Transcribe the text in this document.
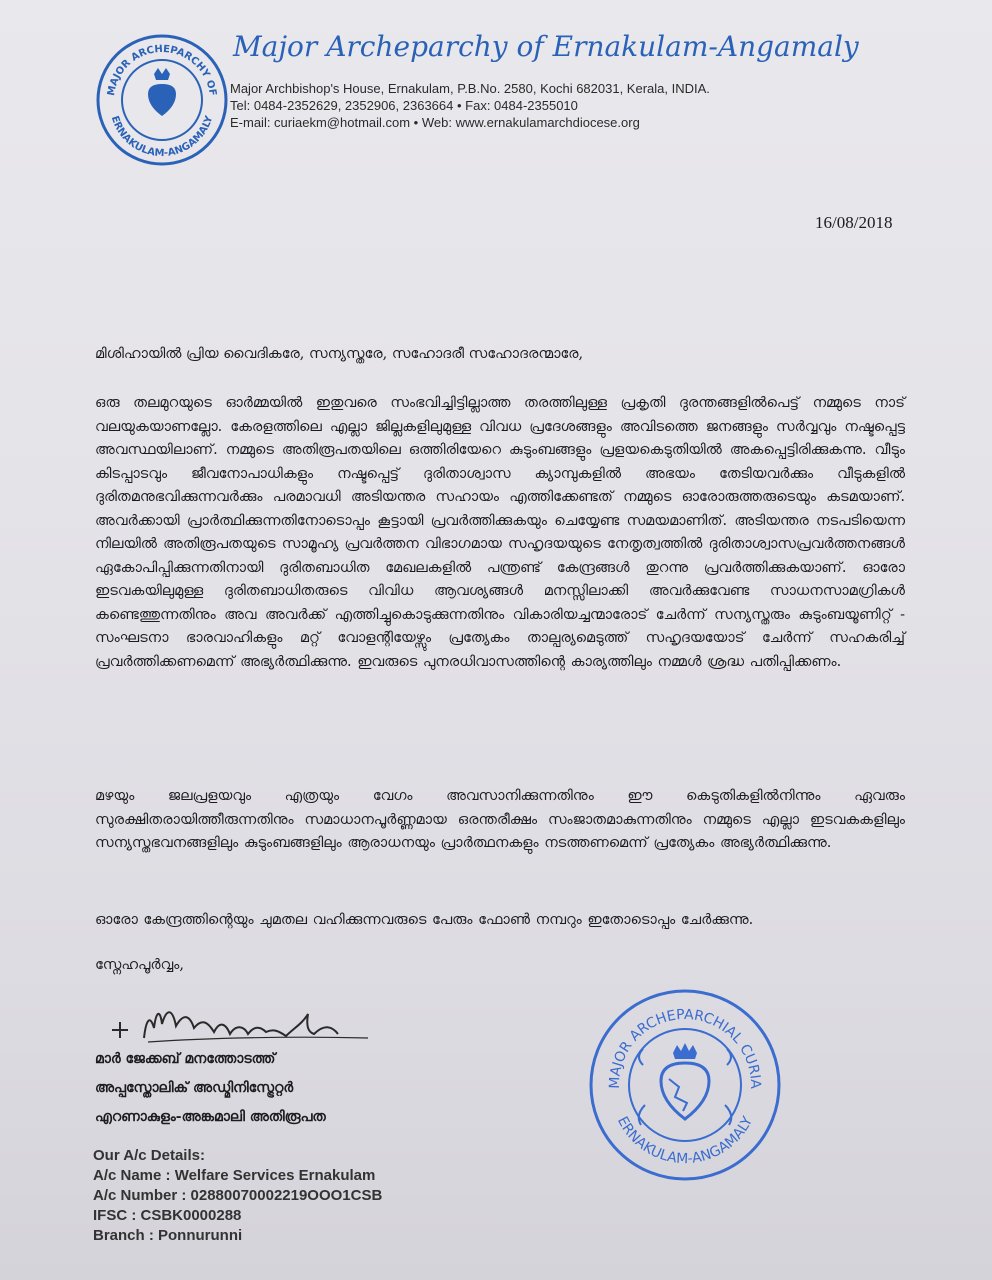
MAJOR ARCHEPARCHY OF
ERNAKULAM-ANGAMALY
Major Archeparchy of Ernakulam-Angamaly
Major Archbishop's House, Ernakulam, P.B.No. 2580, Kochi 682031, Kerala, INDIA.
Tel: 0484-2352629, 2352906, 2363664 • Fax: 0484-2355010
E-mail: curiaekm@hotmail.com • Web: www.ernakulamarchdiocese.org
16/08/2018
മിശിഹായിൽ പ്രിയ വൈദികരേ, സന്യസ്തരേ, സഹോദരീ സഹോദരന്മാരേ,
ഒരു തലമുറയുടെ ഓർമ്മയിൽ ഇതുവരെ സംഭവിച്ചിട്ടില്ലാത്ത തരത്തിലുള്ള പ്രകൃതി ദുരന്തങ്ങളിൽപെട്ട് നമ്മുടെ നാട് വലയുകയാണല്ലോ. കേരളത്തിലെ എല്ലാ ജില്ലകളിലുമുള്ള വിവധ പ്രദേശങ്ങളും അവിടത്തെ ജനങ്ങളും സർവ്വവും നഷ്ടപ്പെട്ട അവസ്ഥയിലാണ്. നമ്മുടെ അതിരൂപതയിലെ ഒത്തിരിയേറെ കുടുംബങ്ങളും പ്രളയകെടുതിയിൽ അകപ്പെട്ടിരിക്കുകന്നു. വീടും കിടപ്പാടവും ജീവനോപാധികളും നഷ്ടപ്പെട്ട് ദുരിതാശ്വാസ ക്യാമ്പുകളിൽ അഭയം തേടിയവർക്കും വീടുകളിൽ ദുരിതമനുഭവിക്കുന്നവർക്കും പരമാവധി അടിയന്തര സഹായം എത്തിക്കേണ്ടത് നമ്മുടെ ഓരോരുത്തരുടെയും കടമയാണ്. അവർക്കായി പ്രാർത്ഥിക്കുന്നതിനോടൊപ്പം കൂട്ടായി പ്രവർത്തിക്കുകയും ചെയ്യേണ്ട സമയമാണിത്. അടിയന്തര നടപടിയെന്ന നിലയിൽ അതിരൂപതയുടെ സാമൂഹ്യ പ്രവർത്തന വിഭാഗമായ സഹൃദയയുടെ നേതൃത്വത്തിൽ ദുരിതാശ്വാസപ്രവർത്തനങ്ങൾ ഏകോപിപ്പിക്കുന്നതിനായി ദുരിതബാധിത മേഖലകളിൽ പന്ത്രണ്ട് കേന്ദ്രങ്ങൾ തുറന്നു പ്രവർത്തിക്കുകയാണ്. ഓരോ ഇടവകയിലുമുള്ള ദുരിതബാധിതരുടെ വിവിധ ആവശ്യങ്ങൾ മനസ്സിലാക്കി അവർക്കുവേണ്ട സാധനസാമഗ്രികൾ കണ്ടെത്തുന്നതിനും അവ അവർക്ക് എത്തിച്ചുകൊടുക്കുന്നതിനും വികാരിയച്ചന്മാരോട് ചേർന്ന് സന്യസ്തരും കുടുംബയൂണിറ്റ് - സംഘടനാ ഭാരവാഹികളും മറ്റ് വോളന്റിയേഴ്സും പ്രത്യേകം താല്പര്യമെടുത്ത് സഹൃദയയോട് ചേർന്ന് സഹകരിച്ച് പ്രവർത്തിക്കണമെന്ന് അഭ്യർത്ഥിക്കുന്നു. ഇവരുടെ പുനരധിവാസത്തിന്റെ കാര്യത്തിലും നമ്മൾ ശ്രദ്ധ പതിപ്പിക്കണം.
മഴയും ജലപ്രളയവും എത്രയും വേഗം അവസാനിക്കുന്നതിനും ഈ കെടുതികളിൽനിന്നും ഏവരും സുരക്ഷിതരായിത്തീരുന്നതിനും സമാധാനപൂർണ്ണമായ ഒരന്തരീക്ഷം സംജാതമാകുന്നതിനും നമ്മുടെ എല്ലാ ഇടവകകളിലും സന്യസ്തഭവനങ്ങളിലും കുടുംബങ്ങളിലും ആരാധനയും പ്രാർത്ഥനകളും നടത്തണമെന്ന് പ്രത്യേകം അഭ്യർത്ഥിക്കുന്നു.
ഓരോ കേന്ദ്രത്തിന്റെയും ചുമതല വഹിക്കുന്നവരുടെ പേരും ഫോൺ നമ്പറും ഇതോടൊപ്പം ചേർക്കുന്നു.
സ്നേഹപൂർവ്വം,
മാർ ജേക്കബ് മനത്തോടത്ത്
അപ്പസ്തോലിക് അഡ്മിനിസ്ട്രേറ്റർ
എറണാകുളം-അങ്കമാലി അതിരൂപത
MAJOR ARCHEPARCHIAL CURIA
ERNAKULAM-ANGAMALY
Our A/c Details:
A/c Name : Welfare Services Ernakulam
A/c Number : 02880070002219OOO1CSB
IFSC : CSBK0000288
Branch : Ponnurunni
